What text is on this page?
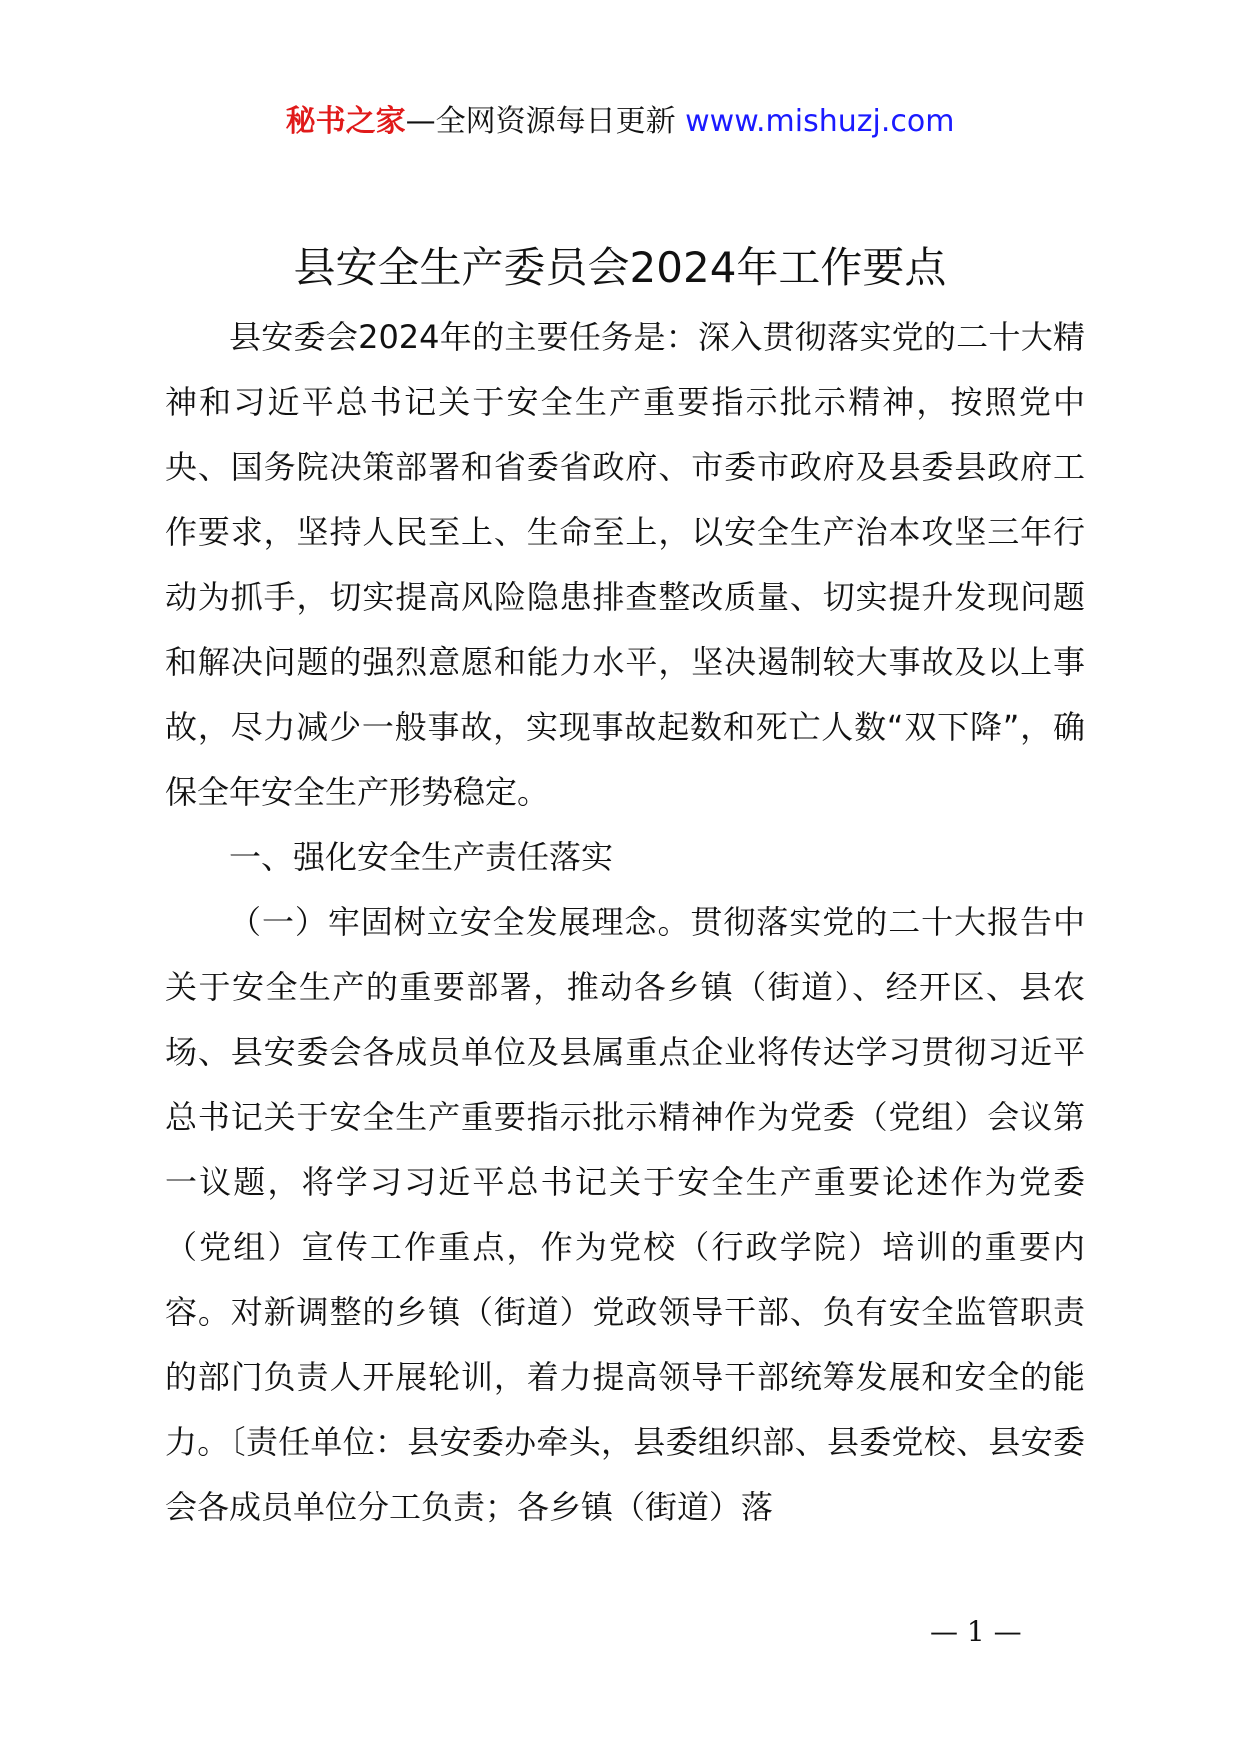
秘书之家—全网资源每日更新 www.mishuzj.com
县安全生产委员会2024年工作要点

县安委会2024年的主要任务是：深入贯彻落实党的二十大精神和习近平总书记关于安全生产重要指示批示精神，按照党中央、国务院决策部署和省委省政府、市委市政府及县委县政府工作要求，坚持人民至上、生命至上，以安全生产治本攻坚三年行动为抓手，切实提高风险隐患排查整改质量、切实提升发现问题和解决问题的强烈意愿和能力水平，坚决遏制较大事故及以上事故，尽力减少一般事故，实现事故起数和死亡人数“双下降”，确保全年安全生产形势稳定。

一、强化安全生产责任落实

（一）牢固树立安全发展理念。贯彻落实党的二十大报告中关于安全生产的重要部署，推动各乡镇（街道）、经开区、县农场、县安委会各成员单位及县属重点企业将传达学习贯彻习近平总书记关于安全生产重要指示批示精神作为党委（党组）会议第一议题，将学习习近平总书记关于安全生产重要论述作为党委（党组）宣传工作重点，作为党校（行政学院）培训的重要内容。对新调整的乡镇（街道）党政领导干部、负有安全监管职责的部门负责人开展轮训，着力提高领导干部统筹发展和安全的能力。〔责任单位：县安委办牵头，县委组织部、县委党校、县安委会各成员单位分工负责；各乡镇（街道）落

— 1 —
